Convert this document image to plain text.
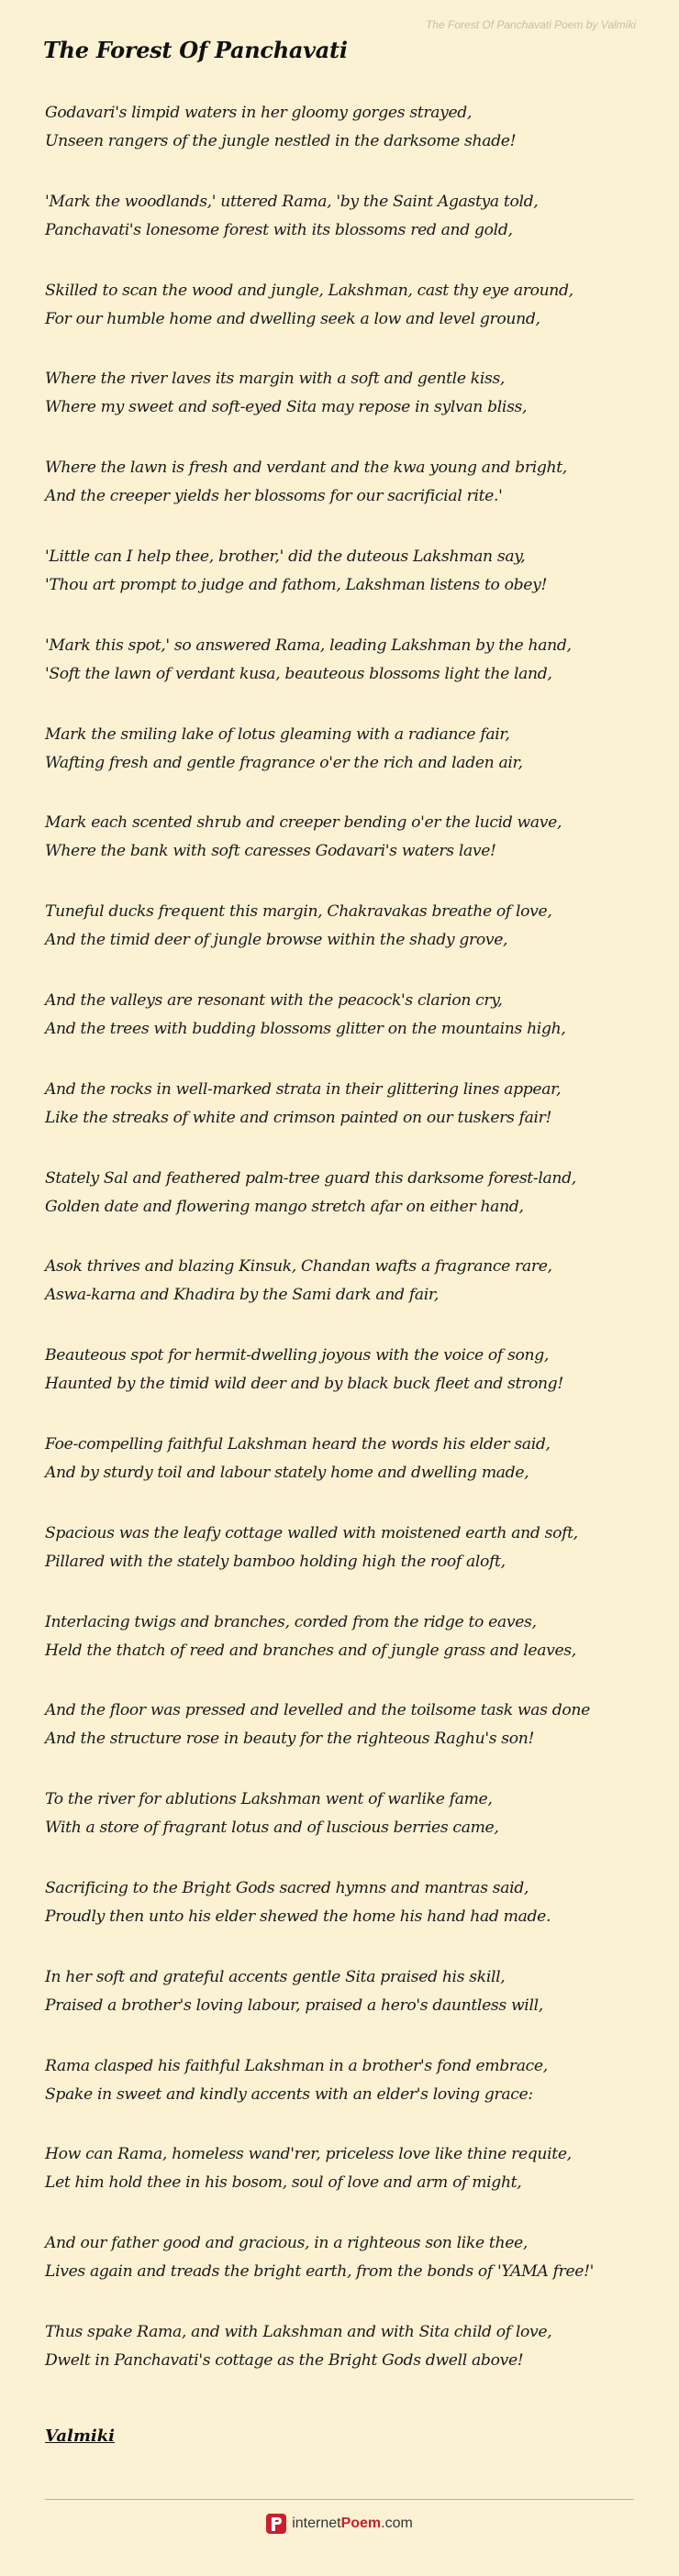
The Forest Of Panchavati Poem by Valmiki
The Forest Of Panchavati

Godavari's limpid waters in her gloomy gorges strayed,
Unseen rangers of the jungle nestled in the darksome shade!

'Mark the woodlands,' uttered Rama, 'by the Saint Agastya told,
Panchavati's lonesome forest with its blossoms red and gold,

Skilled to scan the wood and jungle, Lakshman, cast thy eye around,
For our humble home and dwelling seek a low and level ground,

Where the river laves its margin with a soft and gentle kiss,
Where my sweet and soft-eyed Sita may repose in sylvan bliss,

Where the lawn is fresh and verdant and the kwa young and bright,
And the creeper yields her blossoms for our sacrificial rite.'

'Little can I help thee, brother,' did the duteous Lakshman say,
'Thou art prompt to judge and fathom, Lakshman listens to obey!

'Mark this spot,' so answered Rama, leading Lakshman by the hand,
'Soft the lawn of verdant kusa, beauteous blossoms light the land,

Mark the smiling lake of lotus gleaming with a radiance fair,
Wafting fresh and gentle fragrance o'er the rich and laden air,

Mark each scented shrub and creeper bending o'er the lucid wave,
Where the bank with soft caresses Godavari's waters lave!

Tuneful ducks frequent this margin, Chakravakas breathe of love,
And the timid deer of jungle browse within the shady grove,

And the valleys are resonant with the peacock's clarion cry,
And the trees with budding blossoms glitter on the mountains high,

And the rocks in well-marked strata in their glittering lines appear,
Like the streaks of white and crimson painted on our tuskers fair!

Stately Sal and feathered palm-tree guard this darksome forest-land,
Golden date and flowering mango stretch afar on either hand,

Asok thrives and blazing Kinsuk, Chandan wafts a fragrance rare,
Aswa-karna and Khadira by the Sami dark and fair,

Beauteous spot for hermit-dwelling joyous with the voice of song,
Haunted by the timid wild deer and by black buck fleet and strong!

Foe-compelling faithful Lakshman heard the words his elder said,
And by sturdy toil and labour stately home and dwelling made,

Spacious was the leafy cottage walled with moistened earth and soft,
Pillared with the stately bamboo holding high the roof aloft,

Interlacing twigs and branches, corded from the ridge to eaves,
Held the thatch of reed and branches and of jungle grass and leaves,

And the floor was pressed and levelled and the toilsome task was done
And the structure rose in beauty for the righteous Raghu's son!

To the river for ablutions Lakshman went of warlike fame,
With a store of fragrant lotus and of luscious berries came,

Sacrificing to the Bright Gods sacred hymns and mantras said,
Proudly then unto his elder shewed the home his hand had made.

In her soft and grateful accents gentle Sita praised his skill,
Praised a brother's loving labour, praised a hero's dauntless will,

Rama clasped his faithful Lakshman in a brother's fond embrace,
Spake in sweet and kindly accents with an elder's loving grace:

How can Rama, homeless wand'rer, priceless love like thine requite,
Let him hold thee in his bosom, soul of love and arm of might,

And our father good and gracious, in a righteous son like thee,
Lives again and treads the bright earth, from the bonds of 'YAMA free!'

Thus spake Rama, and with Lakshman and with Sita child of love,
Dwelt in Panchavati's cottage as the Bright Gods dwell above!

Valmiki
internetPoem.com
